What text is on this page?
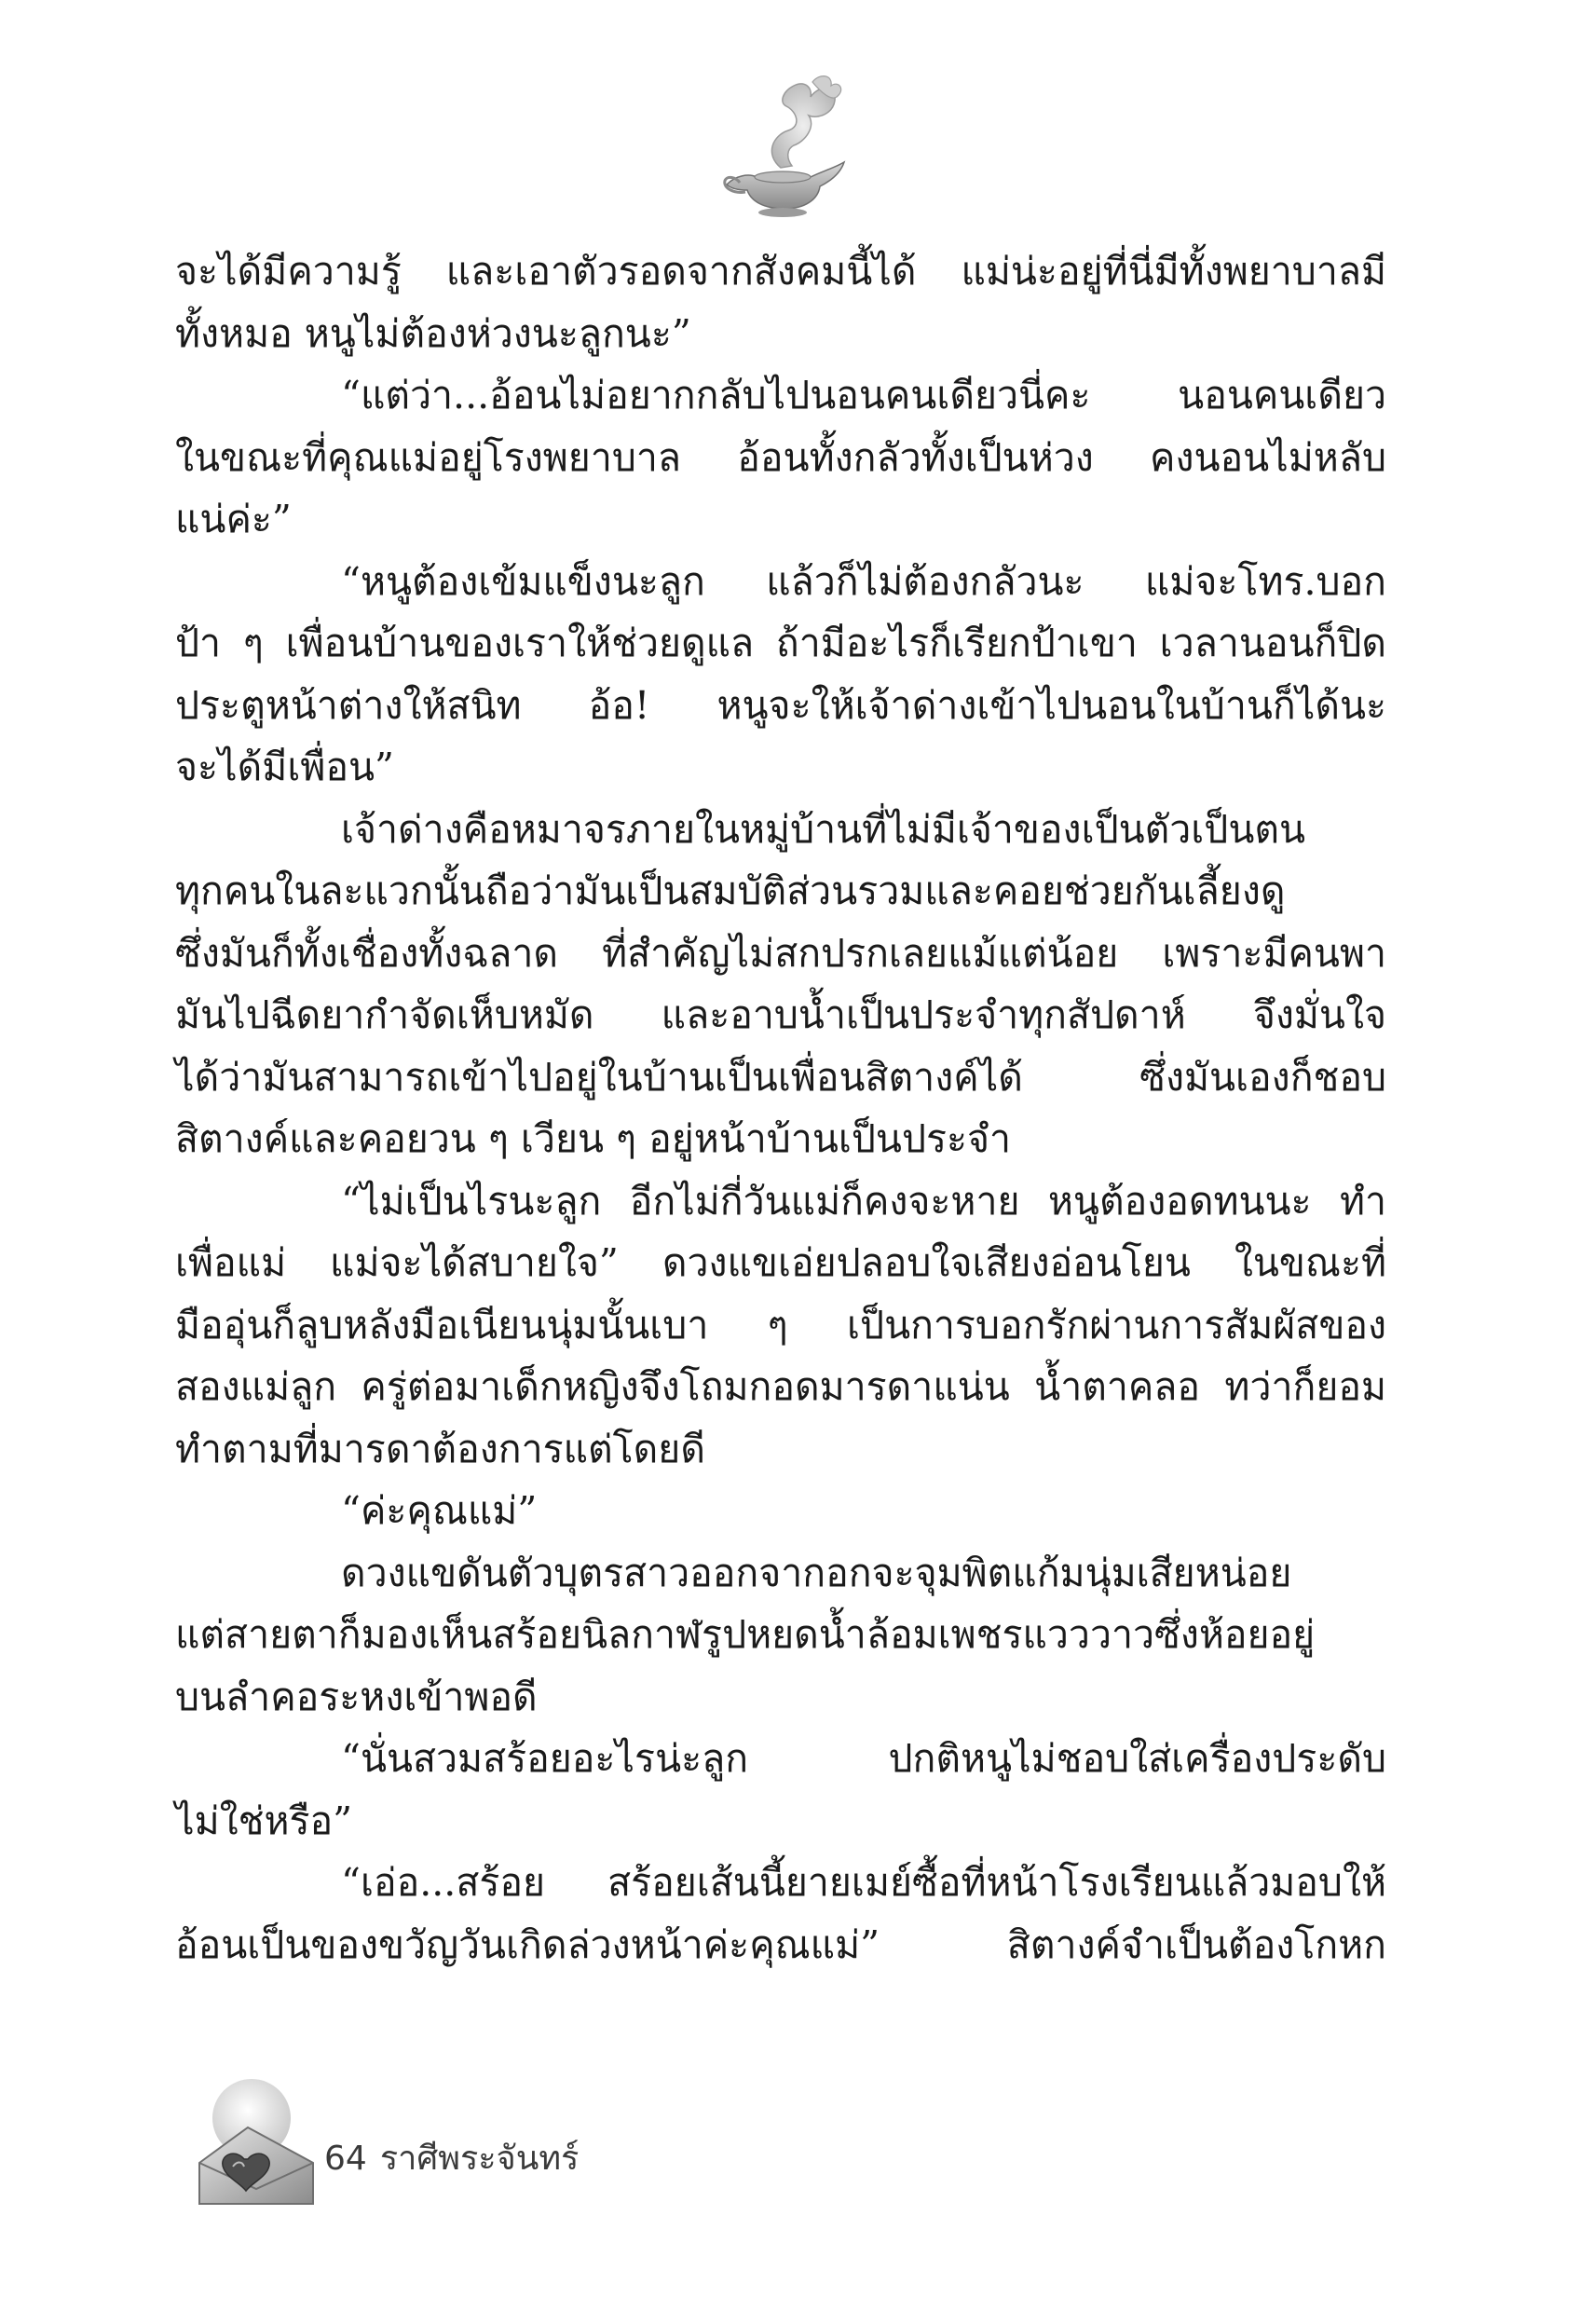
จะได้มีความรู้ และเอาตัวรอดจากสังคมนี้ได้ แม่น่ะอยู่ที่นี่มีทั้งพยาบาลมี
ทั้งหมอ หนูไม่ต้องห่วงนะลูกนะ”
“แต่ว่า...อ้อนไม่อยากกลับไปนอนคนเดียวนี่คะ นอนคนเดียว
ในขณะที่คุณแม่อยู่โรงพยาบาล อ้อนทั้งกลัวทั้งเป็นห่วง คงนอนไม่หลับ
แน่ค่ะ”
“หนูต้องเข้มแข็งนะลูก แล้วก็ไม่ต้องกลัวนะ แม่จะโทร.บอก
ป้า ๆ เพื่อนบ้านของเราให้ช่วยดูแล ถ้ามีอะไรก็เรียกป้าเขา เวลานอนก็ปิด
ประตูหน้าต่างให้สนิท อ้อ! หนูจะให้เจ้าด่างเข้าไปนอนในบ้านก็ได้นะ
จะได้มีเพื่อน”
เจ้าด่างคือหมาจรภายในหมู่บ้านที่ไม่มีเจ้าของเป็นตัวเป็นตน
ทุกคนในละแวกนั้นถือว่ามันเป็นสมบัติส่วนรวมและคอยช่วยกันเลี้ยงดู
ซึ่งมันก็ทั้งเชื่องทั้งฉลาด ที่สำคัญไม่สกปรกเลยแม้แต่น้อย เพราะมีคนพา
มันไปฉีดยากำจัดเห็บหมัด และอาบน้ำเป็นประจำทุกสัปดาห์ จึงมั่นใจ
ได้ว่ามันสามารถเข้าไปอยู่ในบ้านเป็นเพื่อนสิตางค์ได้ ซึ่งมันเองก็ชอบ
สิตางค์และคอยวน ๆ เวียน ๆ อยู่หน้าบ้านเป็นประจำ
“ไม่เป็นไรนะลูก อีกไม่กี่วันแม่ก็คงจะหาย หนูต้องอดทนนะ ทำ
เพื่อแม่ แม่จะได้สบายใจ” ดวงแขเอ่ยปลอบใจเสียงอ่อนโยน ในขณะที่
มืออุ่นก็ลูบหลังมือเนียนนุ่มนั้นเบา ๆ เป็นการบอกรักผ่านการสัมผัสของ
สองแม่ลูก ครู่ต่อมาเด็กหญิงจึงโถมกอดมารดาแน่น น้ำตาคลอ ทว่าก็ยอม
ทำตามที่มารดาต้องการแต่โดยดี
“ค่ะคุณแม่”
ดวงแขดันตัวบุตรสาวออกจากอกจะจุมพิตแก้มนุ่มเสียหน่อย
แต่สายตาก็มองเห็นสร้อยนิลกาฬรูปหยดน้ำล้อมเพชรแวววาวซึ่งห้อยอยู่
บนลำคอระหงเข้าพอดี
“นั่นสวมสร้อยอะไรน่ะลูก ปกติหนูไม่ชอบใส่เครื่องประดับ
ไม่ใช่หรือ”
“เอ่อ...สร้อย สร้อยเส้นนี้ยายเมย์ซื้อที่หน้าโรงเรียนแล้วมอบให้
อ้อนเป็นของขวัญวันเกิดล่วงหน้าค่ะคุณแม่” สิตางค์จำเป็นต้องโกหก
64 ราศีพระจันทร์
